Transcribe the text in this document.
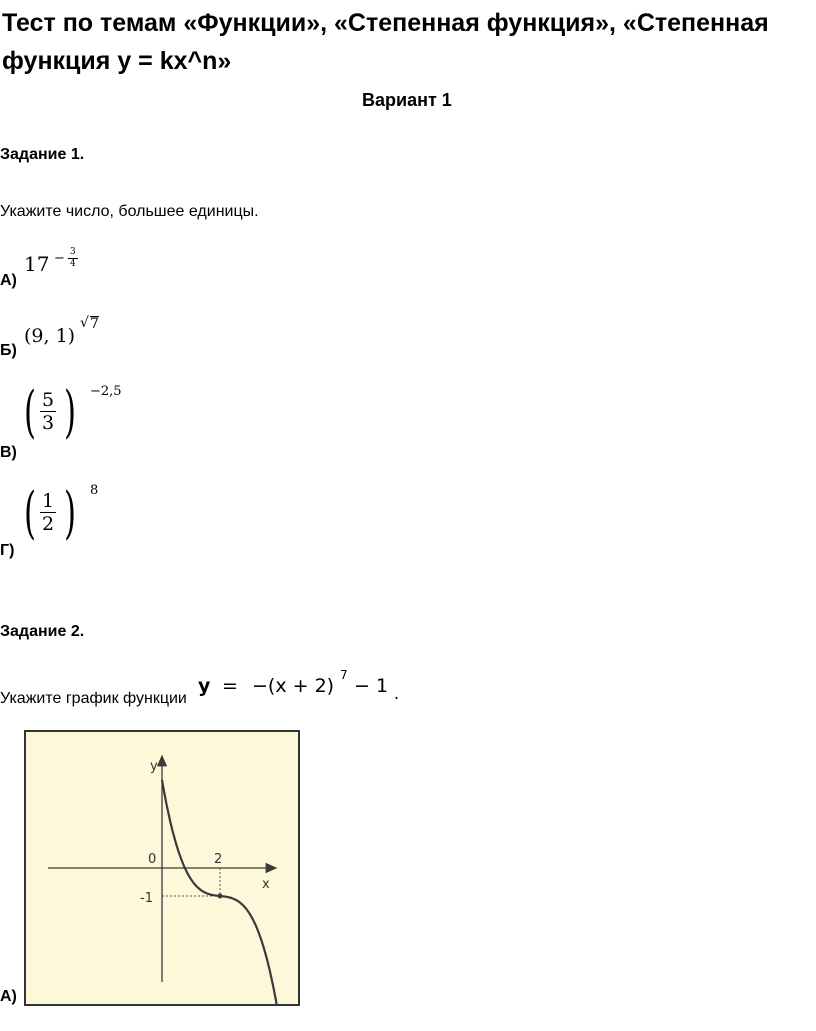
Тест по темам «Функции», «Степенная функция», «Степенная функция y = kx^n»
Вариант 1
Задание 1.
Укажите число, большее единицы.
А)
$17 - \frac{3}{4}$
Б)
(9, 1)
√ 7
В)
( $\frac{5}{3}$ ) −2,5
Г)
( $\frac{1}{2}$ ) 8
Задание 2.
Укажите график функции
y = −(x + 2) 7 − 1 .
y
x
0	2
-1
А)
